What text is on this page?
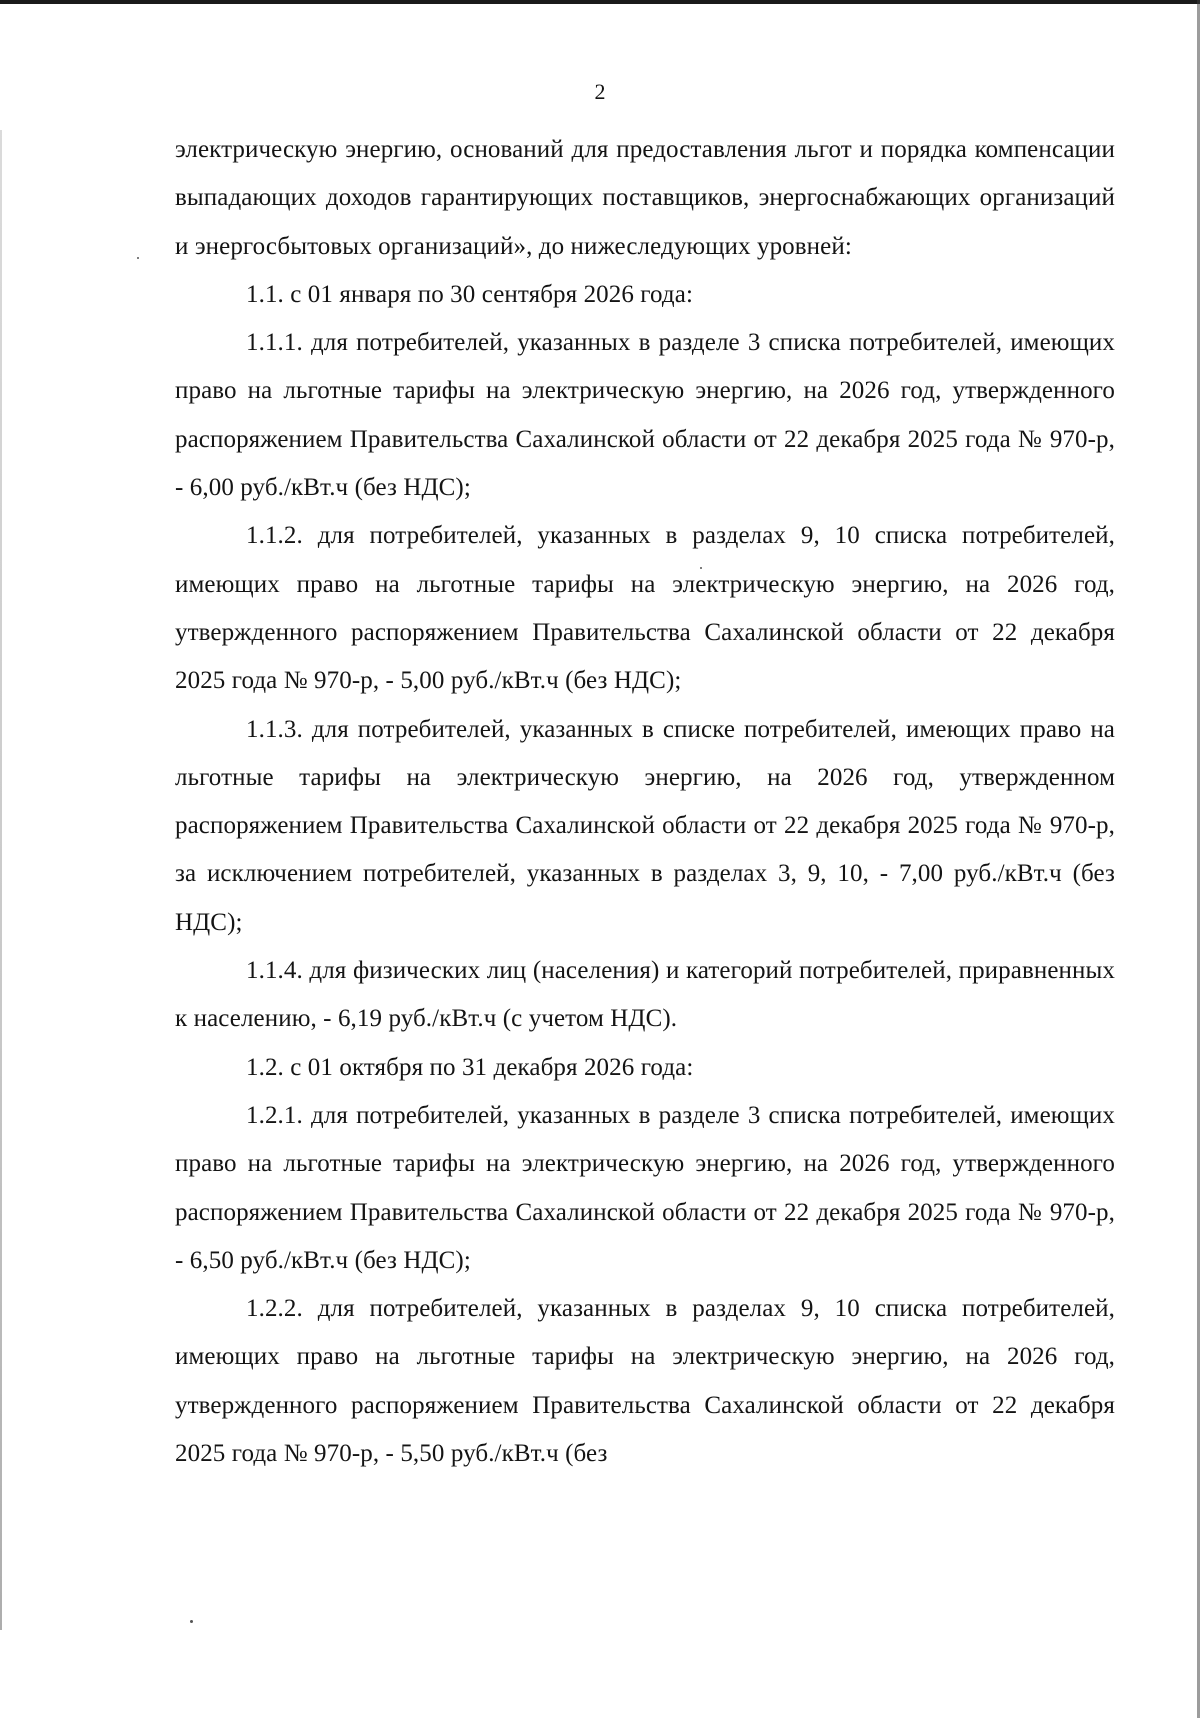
2

электрическую энергию, оснований для предоставления льгот и порядка компенсации выпадающих доходов гарантирующих поставщиков, энергоснабжающих организаций и энергосбытовых организаций», до нижеследующих уровней:

1.1. с 01 января по 30 сентября 2026 года:

1.1.1. для потребителей, указанных в разделе 3 списка потребителей, имеющих право на льготные тарифы на электрическую энергию, на 2026 год, утвержденного распоряжением Правительства Сахалинской области от 22 декабря 2025 года № 970-р, - 6,00 руб./кВт.ч (без НДС);

1.1.2. для потребителей, указанных в разделах 9, 10 списка потребителей, имеющих право на льготные тарифы на электрическую энергию, на 2026 год, утвержденного распоряжением Правительства Сахалинской области от 22 декабря 2025 года № 970-р, - 5,00 руб./кВт.ч (без НДС);

1.1.3. для потребителей, указанных в списке потребителей, имеющих право на льготные тарифы на электрическую энергию, на 2026 год, утвержденном распоряжением Правительства Сахалинской области от 22 декабря 2025 года № 970-р, за исключением потребителей, указанных в разделах 3, 9, 10, - 7,00 руб./кВт.ч (без НДС);

1.1.4. для физических лиц (населения) и категорий потребителей, приравненных к населению, - 6,19 руб./кВт.ч (с учетом НДС).

1.2. с 01 октября по 31 декабря 2026 года:

1.2.1. для потребителей, указанных в разделе 3 списка потребителей, имеющих право на льготные тарифы на электрическую энергию, на 2026 год, утвержденного распоряжением Правительства Сахалинской области от 22 декабря 2025 года № 970-р, - 6,50 руб./кВт.ч (без НДС);

1.2.2. для потребителей, указанных в разделах 9, 10 списка потребителей, имеющих право на льготные тарифы на электрическую энергию, на 2026 год, утвержденного распоряжением Правительства Сахалинской области от 22 декабря 2025 года № 970-р, - 5,50 руб./кВт.ч (без
